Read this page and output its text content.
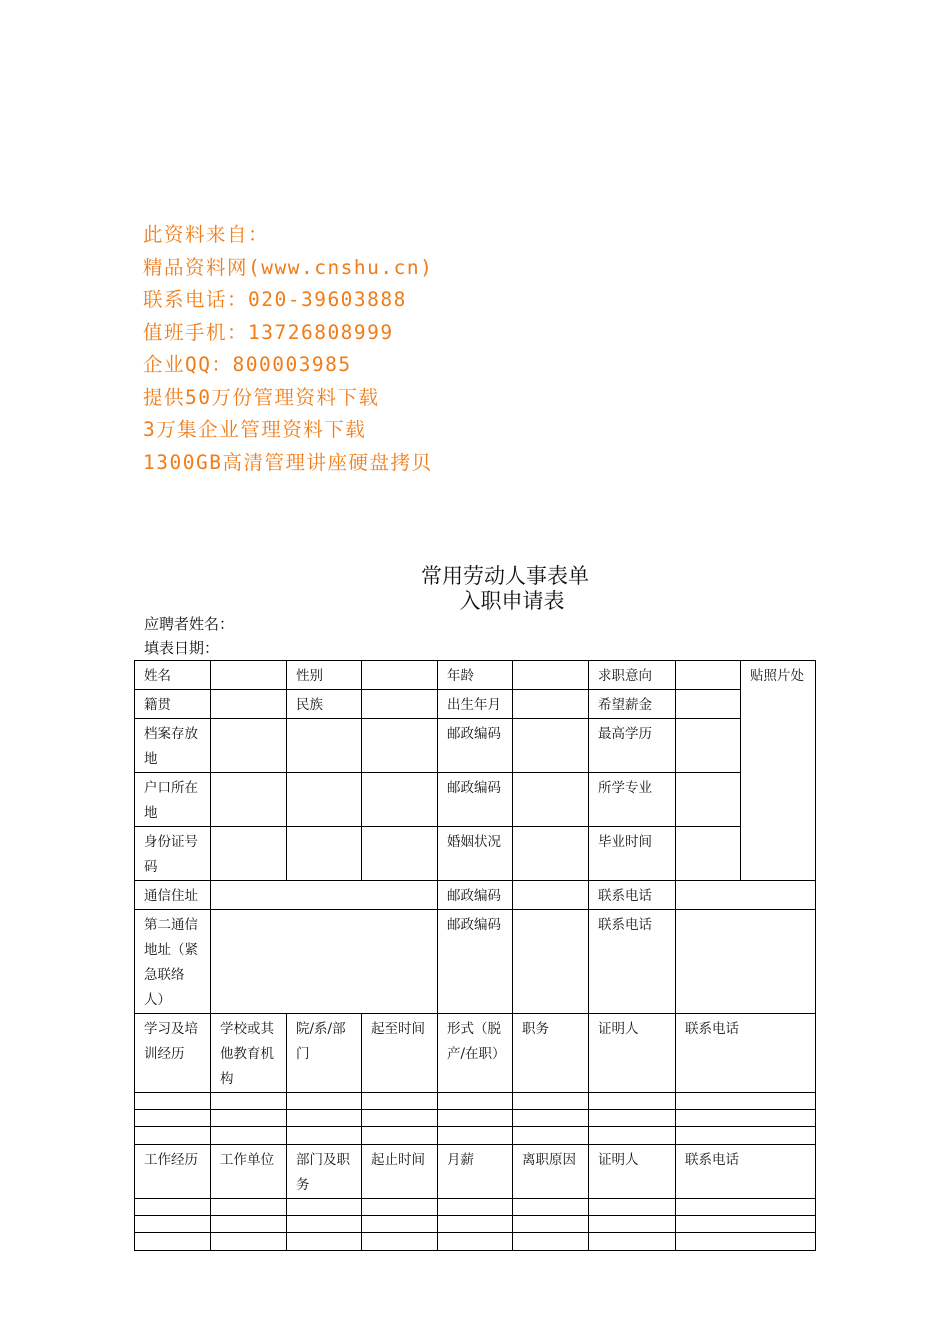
此资料来自：
精品资料网(www.cnshu.cn)
联系电话：020-39603888
值班手机：13726808999
企业QQ：800003985
提供50万份管理资料下载
3万集企业管理资料下载
1300GB高清管理讲座硬盘拷贝
常用劳动人事表单
入职申请表
应聘者姓名：
填表日期：
姓名		性别		年龄		求职意向		贴照片处
籍贯		民族		出生年月		希望薪金		
档案存放地				邮政编码		最高学历		
户口所在地				邮政编码		所学专业		
身份证号码				婚姻状况		毕业时间		
通信住址				邮政编码		联系电话		
第二通信地址（紧急联络人）				邮政编码		联系电话		
学习及培训经历	学校或其他教育机构	院/系/部门	起至时间	形式（脱产/在职）	职务	证明人	联系电话	

工作经历	工作单位	部门及职务	起止时间	月薪	离职原因	证明人	联系电话	
